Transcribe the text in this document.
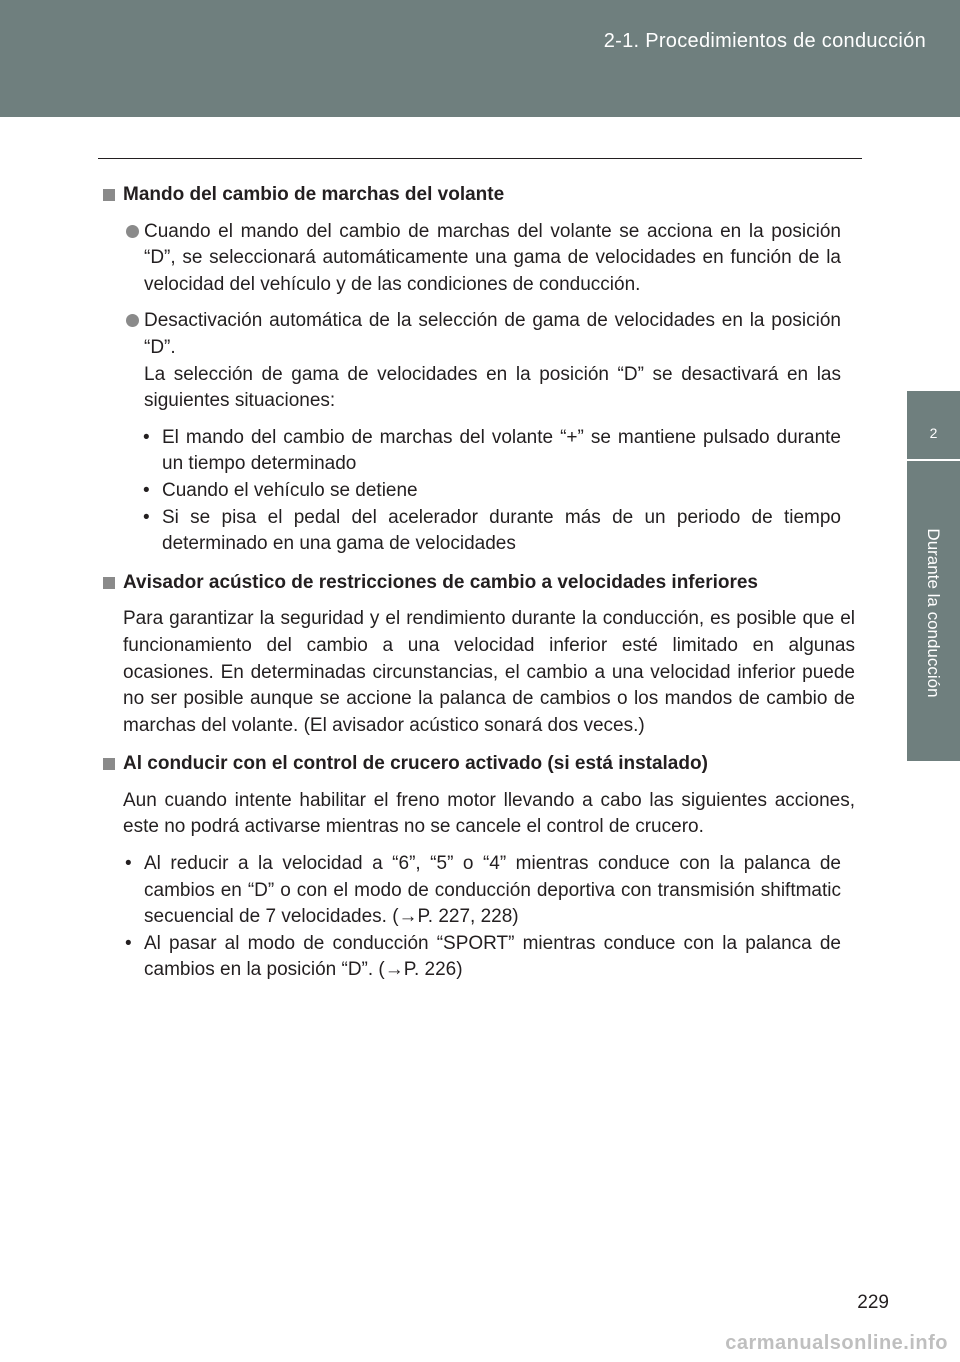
2-1. Procedimientos de conducción
2
Durante la conducción
Mando del cambio de marchas del volante
Cuando el mando del cambio de marchas del volante se acciona en la posición “D”, se seleccionará automáticamente una gama de velocidades en función de la velocidad del vehículo y de las condiciones de conducción.
Desactivación automática de la selección de gama de velocidades en la posición “D”.
La selección de gama de velocidades en la posición “D” se desactivará en las siguientes situaciones:
• El mando del cambio de marchas del volante “+” se mantiene pulsado durante un tiempo determinado
• Cuando el vehículo se detiene
• Si se pisa el pedal del acelerador durante más de un periodo de tiempo determinado en una gama de velocidades
Avisador acústico de restricciones de cambio a velocidades inferiores
Para garantizar la seguridad y el rendimiento durante la conducción, es posible que el funcionamiento del cambio a una velocidad inferior esté limitado en algunas ocasiones. En determinadas circunstancias, el cambio a una velocidad inferior puede no ser posible aunque se accione la palanca de cambios o los mandos de cambio de marchas del volante. (El avisador acústico sonará dos veces.)
Al conducir con el control de crucero activado (si está instalado)
Aun cuando intente habilitar el freno motor llevando a cabo las siguientes acciones, este no podrá activarse mientras no se cancele el control de crucero.
• Al reducir a la velocidad a “6”, “5” o “4” mientras conduce con la palanca de cambios en “D” o con el modo de conducción deportiva con transmisión shiftmatic secuencial de 7 velocidades. (→P. 227, 228)
• Al pasar al modo de conducción “SPORT” mientras conduce con la palanca de cambios en la posición “D”. (→P. 226)
229
carmanualsonline.info
